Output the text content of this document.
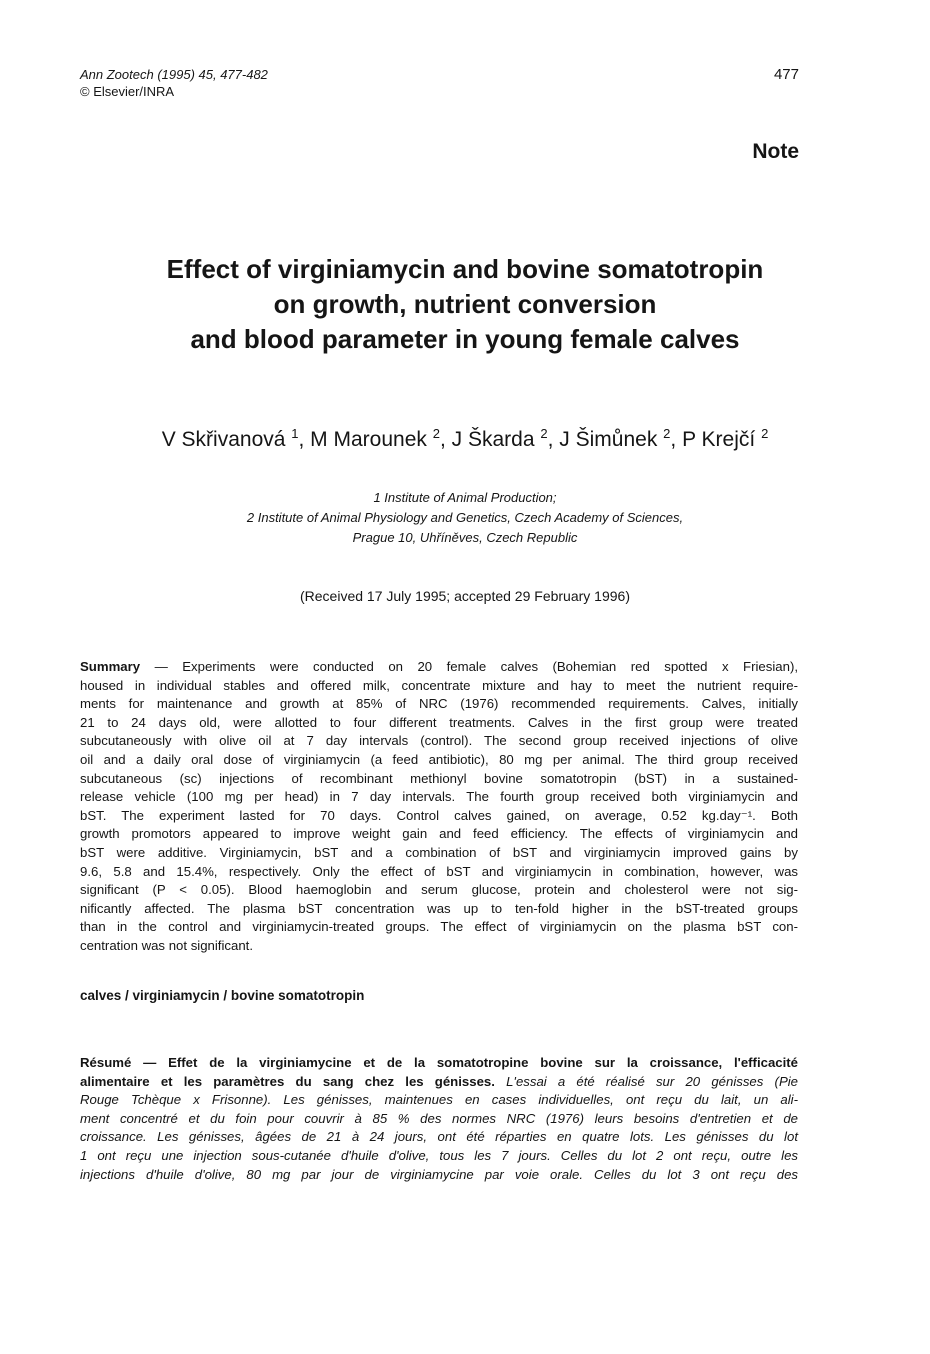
Ann Zootech (1995) 45, 477-482
© Elsevier/INRA
477
Note
Effect of virginiamycin and bovine somatotropin
on growth, nutrient conversion
and blood parameter in young female calves
V Skřivanová $^1$, M Marounek $^2$, J Škarda $^2$, J Šimůnek $^2$, P Krejčí $^2$
1 Institute of Animal Production;
2 Institute of Animal Physiology and Genetics, Czech Academy of Sciences,
Prague 10, Uhříněves, Czech Republic
(Received 17 July 1995; accepted 29 February 1996)
Summary — Experiments were conducted on 20 female calves (Bohemian red spotted x Friesian),
housed in individual stables and offered milk, concentrate mixture and hay to meet the nutrient require-
ments for maintenance and growth at 85% of NRC (1976) recommended requirements. Calves, initially
21 to 24 days old, were allotted to four different treatments. Calves in the first group were treated
subcutaneously with olive oil at 7 day intervals (control). The second group received injections of olive
oil and a daily oral dose of virginiamycin (a feed antibiotic), 80 mg per animal. The third group received
subcutaneous (sc) injections of recombinant methionyl bovine somatotropin (bST) in a sustained-
release vehicle (100 mg per head) in 7 day intervals. The fourth group received both virginiamycin and
bST. The experiment lasted for 70 days. Control calves gained, on average, 0.52 kg.day⁻¹. Both
growth promotors appeared to improve weight gain and feed efficiency. The effects of virginiamycin and
bST were additive. Virginiamycin, bST and a combination of bST and virginiamycin improved gains by
9.6, 5.8 and 15.4%, respectively. Only the effect of bST and virginiamycin in combination, however, was
significant (P < 0.05). Blood haemoglobin and serum glucose, protein and cholesterol were not sig-
nificantly affected. The plasma bST concentration was up to ten-fold higher in the bST-treated groups
than in the control and virginiamycin-treated groups. The effect of virginiamycin on the plasma bST con-
centration was not significant.
calves / virginiamycin / bovine somatotropin
Résumé — Effet de la virginiamycine et de la somatotropine bovine sur la croissance, l'efficacité
alimentaire et les paramètres du sang chez les génisses. L'essai a été réalisé sur 20 génisses (Pie
Rouge Tchèque x Frisonne). Les génisses, maintenues en cases individuelles, ont reçu du lait, un ali-
ment concentré et du foin pour couvrir à 85 % des normes NRC (1976) leurs besoins d'entretien et de
croissance. Les génisses, âgées de 21 à 24 jours, ont été réparties en quatre lots. Les génisses du lot
1 ont reçu une injection sous-cutanée d'huile d'olive, tous les 7 jours. Celles du lot 2 ont reçu, outre les
injections d'huile d'olive, 80 mg par jour de virginiamycine par voie orale. Celles du lot 3 ont reçu des
